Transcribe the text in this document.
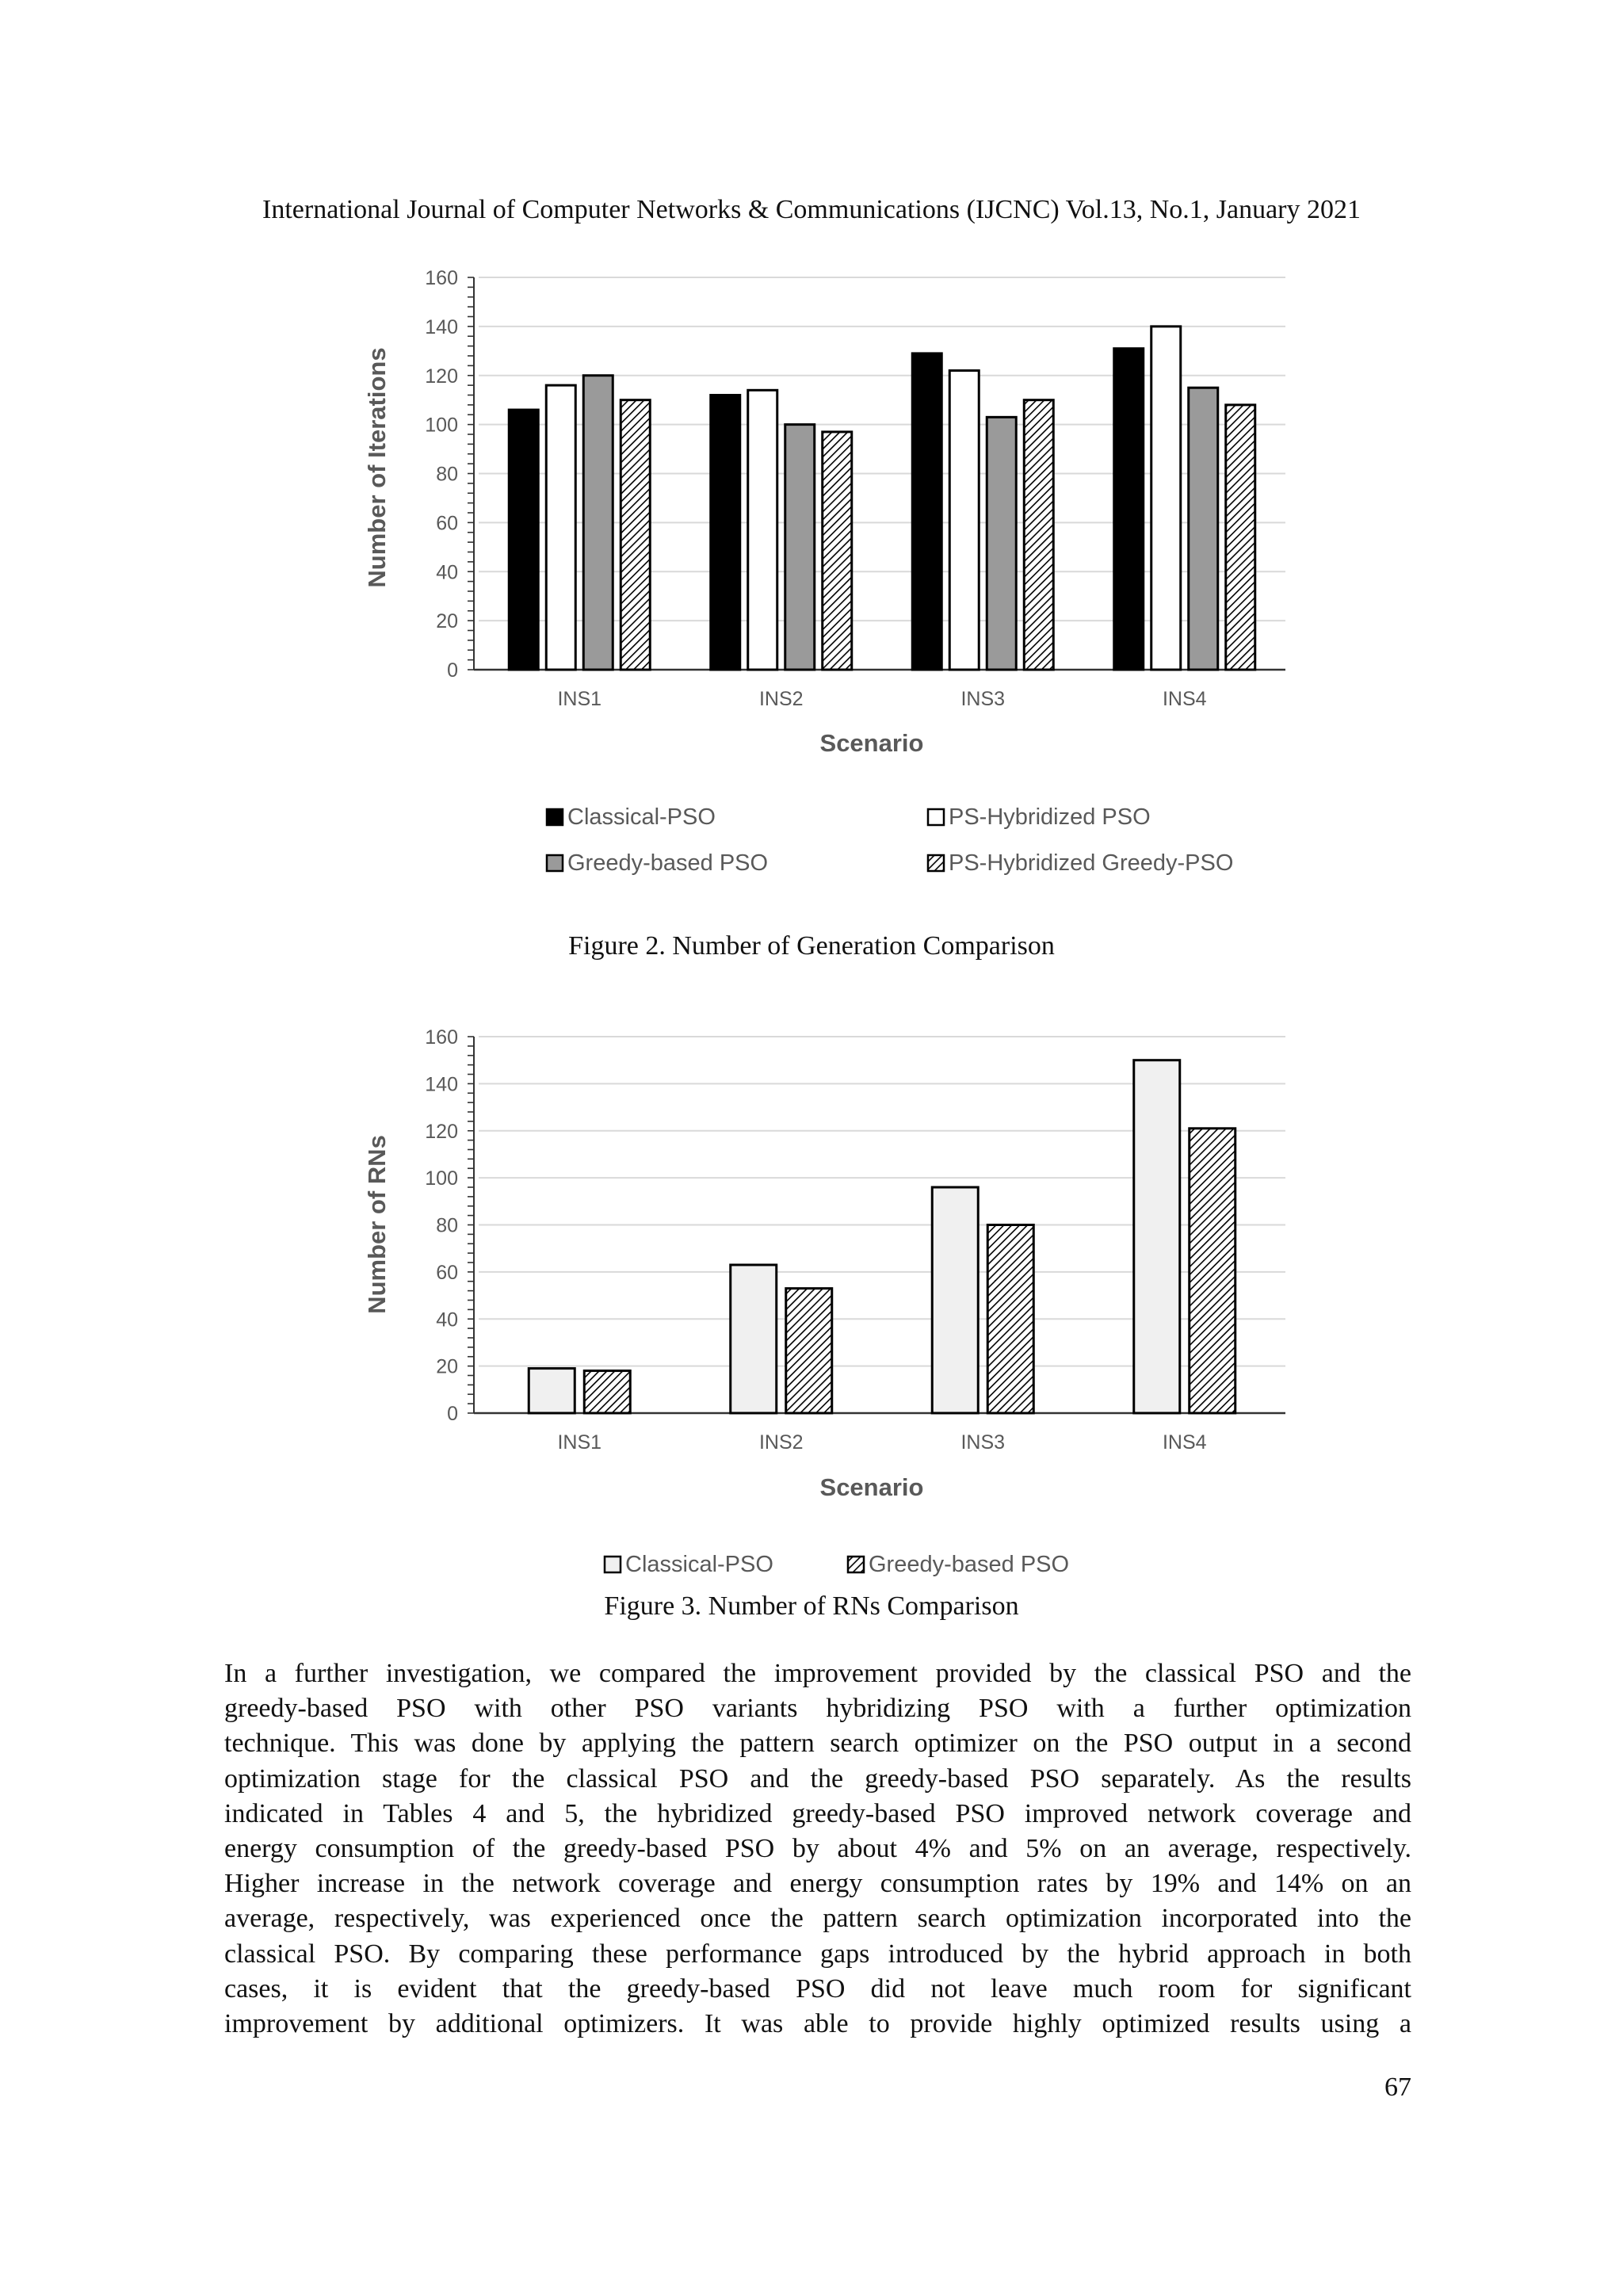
International Journal of Computer Networks & Communications (IJCNC) Vol.13, No.1, January 2021
0
20
40
60
80
100
120
140
160
INS1	INS2	INS3	INS4
Scenario
Number of Iterations
Classical-PSO	PS-Hybridized PSO
Greedy-based PSO	PS-Hybridized Greedy-PSO
Figure 2. Number of Generation Comparison
0
20
40
60
80
100
120
140
160
INS1	INS2	INS3	INS4
Scenario
Number of RNs
Classical-PSO	Greedy-based PSO
Figure 3. Number of RNs Comparison
In a further investigation, we compared the improvement provided by the classical PSO and the
greedy-based PSO with other PSO variants hybridizing PSO with a further optimization
technique. This was done by applying the pattern search optimizer on the PSO output in a second
optimization stage for the classical PSO and the greedy-based PSO separately. As the results
indicated in Tables 4 and 5, the hybridized greedy-based PSO improved network coverage and
energy consumption of the greedy-based PSO by about 4% and 5% on an average, respectively.
Higher increase in the network coverage and energy consumption rates by 19% and 14% on an
average, respectively, was experienced once the pattern search optimization incorporated into the
classical PSO. By comparing these performance gaps introduced by the hybrid approach in both
cases, it is evident that the greedy-based PSO did not leave much room for significant
improvement by additional optimizers. It was able to provide highly optimized results using a
67
